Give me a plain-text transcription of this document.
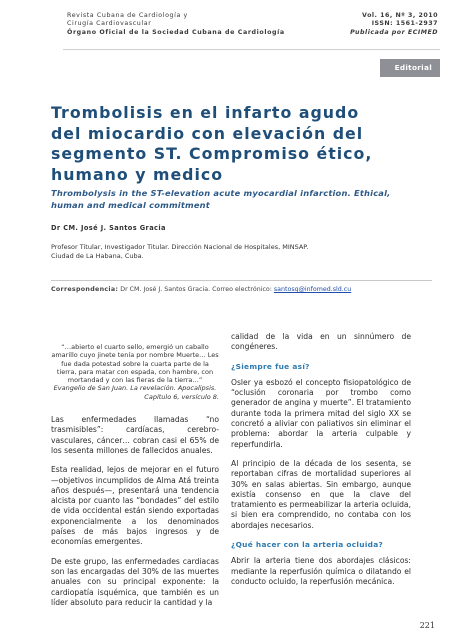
Revista Cubana de Cardiología y
Cirugía Cardiovascular
Órgano Oficial de la Sociedad Cubana de Cardiología
Vol. 16, Nº 3, 2010
ISSN: 1561-2937
Publicada por ECIMED
Editorial
Trombolisis en el infarto agudo del miocardio con elevación del segmento ST. Compromiso ético, humano y medico
Thrombolysis in the ST-elevation acute myocardial infarction. Ethical, human and medical commitment
Dr CM. José J. Santos Gracia
Profesor Titular, Investigador Titular. Dirección Nacional de Hospitales, MINSAP.
Ciudad de La Habana, Cuba.
Correspondencia: Dr CM. José J. Santos Gracia. Correo electrónico: santosg@infomed.sld.cu
“…abierto el cuarto sello, emergió un caballo amarillo cuyo jinete tenía por nombre Muerte… Les fue dada potestad sobre la cuarta parte de la tierra, para matar con espada, con hambre, con mortandad y con las fieras de la tierra…”
Evangelio de San Juan. La revelación. Apocalipsis.
Capítulo 6, versículo 8.

Las enfermedades llamadas “no trasmisibles”: cardíacas, cerebro-vasculares, cáncer… cobran casi el 65% de los sesenta millones de fallecidos anuales.

Esta realidad, lejos de mejorar en el futuro —objetivos incumplidos de Alma Atá treinta años después—, presentará una tendencia alcista por cuanto las “bondades” del estilo de vida occidental están siendo exportadas exponencialmente a los denominados países de más bajos ingresos y de economías emergentes.

De este grupo, las enfermedades cardiacas son las encargadas del 30% de las muertes anuales con su principal exponente: la cardiopatía isquémica, que también es un líder absoluto para reducir la cantidad y la

calidad de la vida en un sinnúmero de congéneres.

¿Siempre fue así?

Osler ya esbozó el concepto fisiopatológico de “oclusión coronaria por trombo como generador de angina y muerte”. El tratamiento durante toda la primera mitad del siglo XX se concretó a aliviar con paliativos sin eliminar el problema: abordar la arteria culpable y reperfundirla.

Al principio de la década de los sesenta, se reportaban cifras de mortalidad superiores al 30% en salas abiertas. Sin embargo, aunque existía consenso en que la clave del tratamiento es permeabilizar la arteria ocluida, si bien era comprendido, no contaba con los abordajes necesarios.

¿Qué hacer con la arteria ocluida?

Abrir la arteria tiene dos abordajes clásicos: mediante la reperfusión química o dilatando el conducto ocluido, la reperfusión mecánica.

221
